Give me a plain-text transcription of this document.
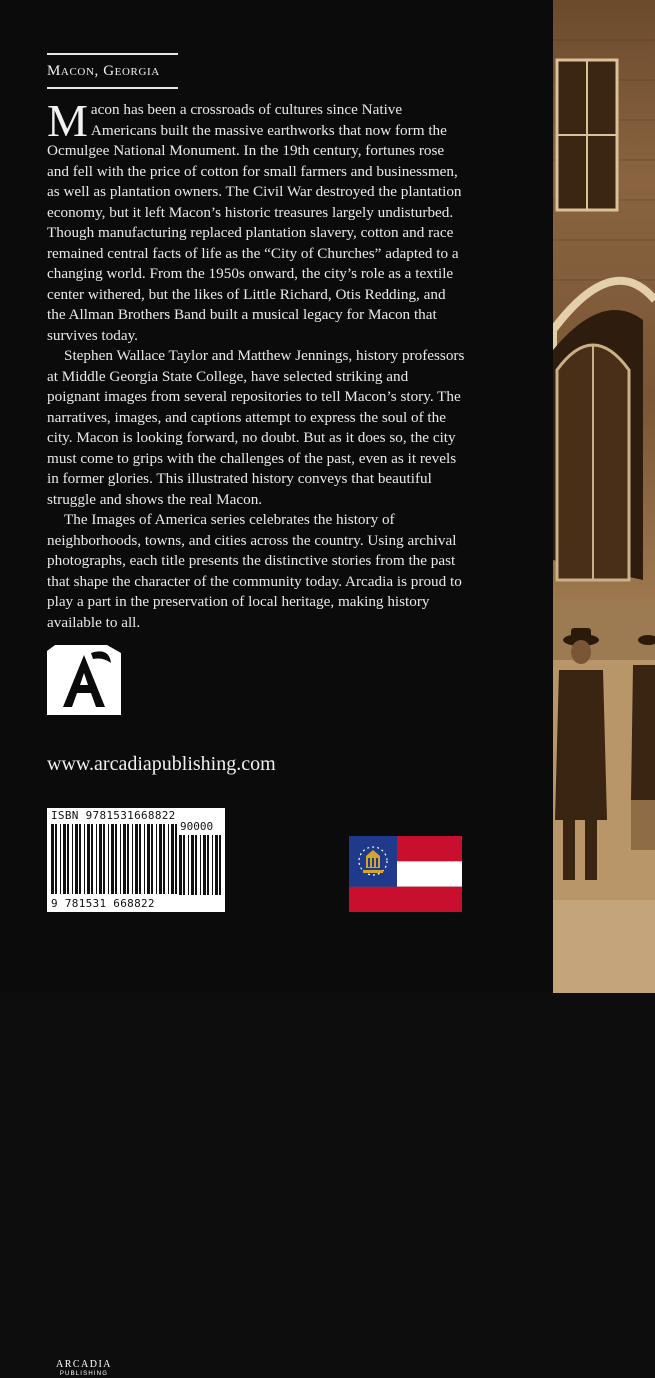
Macon, Georgia

Macon has been a crossroads of cultures since Native Americans built the massive earthworks that now form the Ocmulgee National Monument. In the 19th century, fortunes rose and fell with the price of cotton for small farmers and businessmen, as well as plantation owners. The Civil War destroyed the plantation economy, but it left Macon’s historic treasures largely undisturbed. Though manufacturing replaced plantation slavery, cotton and race remained central facts of life as the “City of Churches” adapted to a changing world. From the 1950s onward, the city’s role as a textile center withered, but the likes of Little Richard, Otis Redding, and the Allman Brothers Band built a musical legacy for Macon that survives today.

Stephen Wallace Taylor and Matthew Jennings, history professors at Middle Georgia State College, have selected striking and poignant images from several repositories to tell Macon’s story. The narratives, images, and captions attempt to express the soul of the city. Macon is looking forward, no doubt. But as it does so, the city must come to grips with the challenges of the past, even as it revels in former glories. This illustrated history conveys that beautiful struggle and shows the real Macon.

The Images of America series celebrates the history of neighborhoods, towns, and cities across the country. Using archival photographs, each title presents the distinctive stories from the past that shape the character of the community today. Arcadia is proud to play a part in the preservation of local heritage, making history available to all.

ARCADIA
PUBLISHING
www.arcadiapublishing.com
ISBN 9781531668822
90000
9 781531 668822
